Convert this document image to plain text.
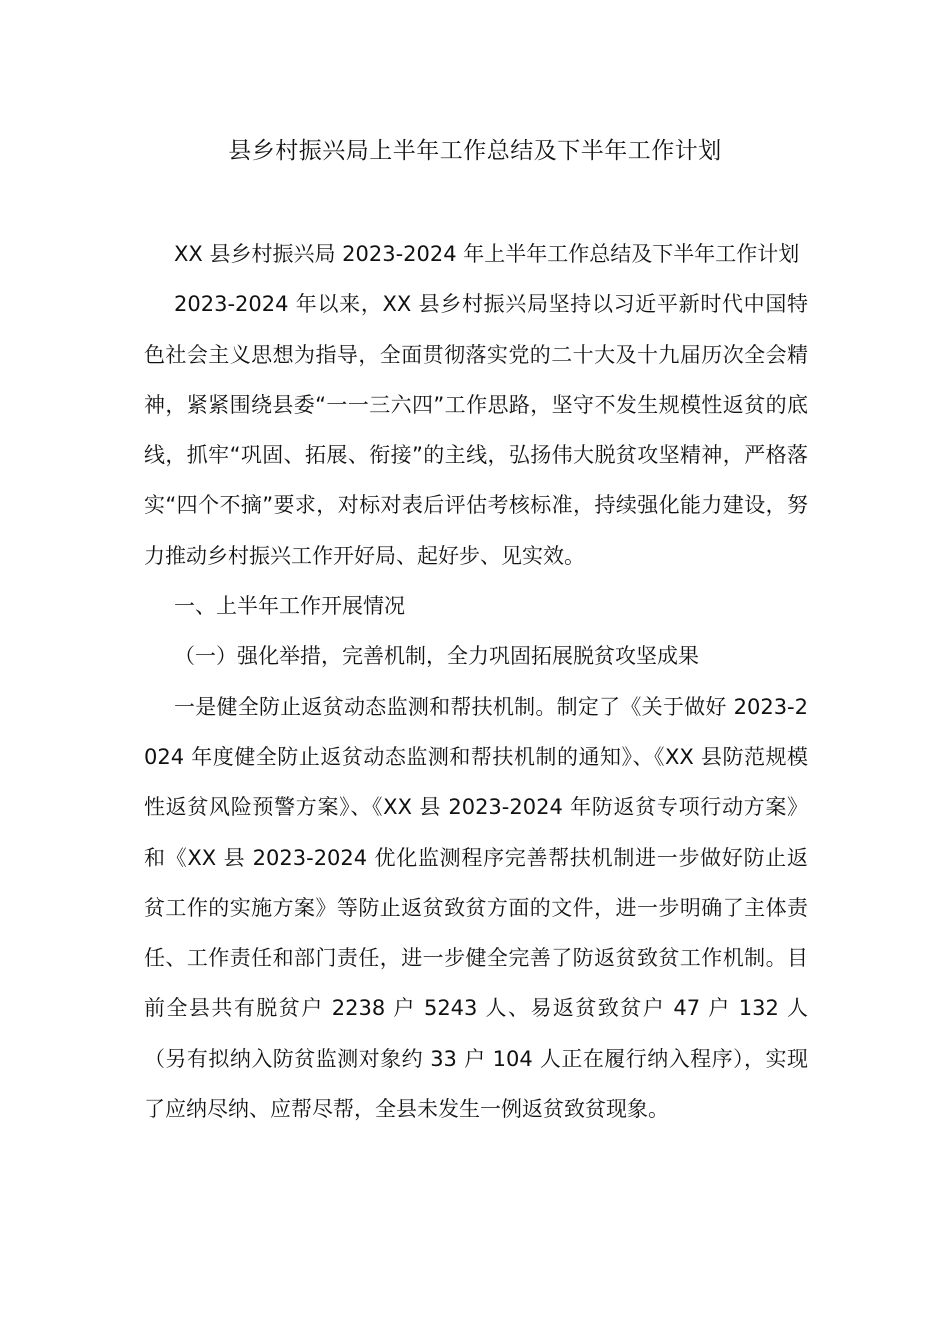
县乡村振兴局上半年工作总结及下半年工作计划

XX 县乡村振兴局 2023-2024 年上半年工作总结及下半年工作计划

2023-2024 年以来，XX 县乡村振兴局坚持以习近平新时代中国特色社会主义思想为指导，全面贯彻落实党的二十大及十九届历次全会精神，紧紧围绕县委“一一三六四”工作思路，坚守不发生规模性返贫的底线，抓牢“巩固、拓展、衔接”的主线，弘扬伟大脱贫攻坚精神，严格落实“四个不摘”要求，对标对表后评估考核标准，持续强化能力建设，努力推动乡村振兴工作开好局、起好步、见实效。

一、上半年工作开展情况

（一）强化举措，完善机制，全力巩固拓展脱贫攻坚成果

一是健全防止返贫动态监测和帮扶机制。制定了《关于做好 2023-2024 年度健全防止返贫动态监测和帮扶机制的通知》、《XX 县防范规模性返贫风险预警方案》、《XX 县 2023-2024 年防返贫专项行动方案》和《XX 县 2023-2024 优化监测程序完善帮扶机制进一步做好防止返贫工作的实施方案》等防止返贫致贫方面的文件，进一步明确了主体责任、工作责任和部门责任，进一步健全完善了防返贫致贫工作机制。目前全县共有脱贫户 2238 户 5243 人、易返贫致贫户 47 户 132 人（另有拟纳入防贫监测对象约 33 户 104 人正在履行纳入程序），实现了应纳尽纳、应帮尽帮，全县未发生一例返贫致贫现象。
